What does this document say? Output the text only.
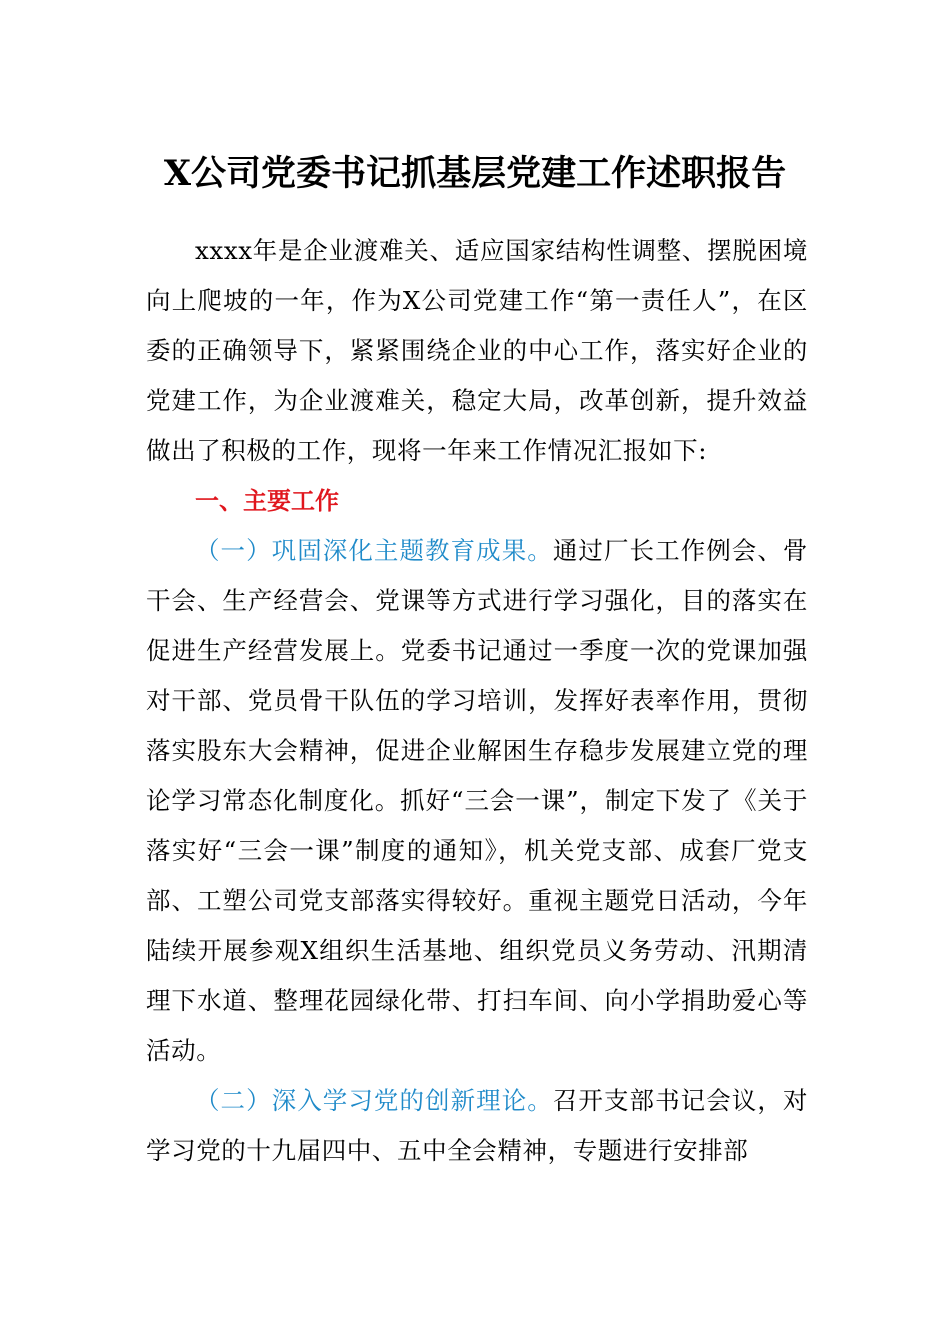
X公司党委书记抓基层党建工作述职报告

xxxx年是企业渡难关、适应国家结构性调整、摆脱困境向上爬坡的一年，作为X公司党建工作“第一责任人”，在区委的正确领导下，紧紧围绕企业的中心工作，落实好企业的党建工作，为企业渡难关，稳定大局，改革创新，提升效益做出了积极的工作，现将一年来工作情况汇报如下:

一、主要工作

（一）巩固深化主题教育成果。通过厂长工作例会、骨干会、生产经营会、党课等方式进行学习强化，目的落实在促进生产经营发展上。党委书记通过一季度一次的党课加强对干部、党员骨干队伍的学习培训，发挥好表率作用，贯彻落实股东大会精神，促进企业解困生存稳步发展建立党的理论学习常态化制度化。抓好“三会一课”，制定下发了《关于落实好“三会一课”制度的通知》，机关党支部、成套厂党支部、工塑公司党支部落实得较好。重视主题党日活动，今年陆续开展参观X组织生活基地、组织党员义务劳动、汛期清理下水道、整理花园绿化带、打扫车间、向小学捐助爱心等活动。

（二）深入学习党的创新理论。召开支部书记会议，对学习党的十九届四中、五中全会精神，专题进行安排部
